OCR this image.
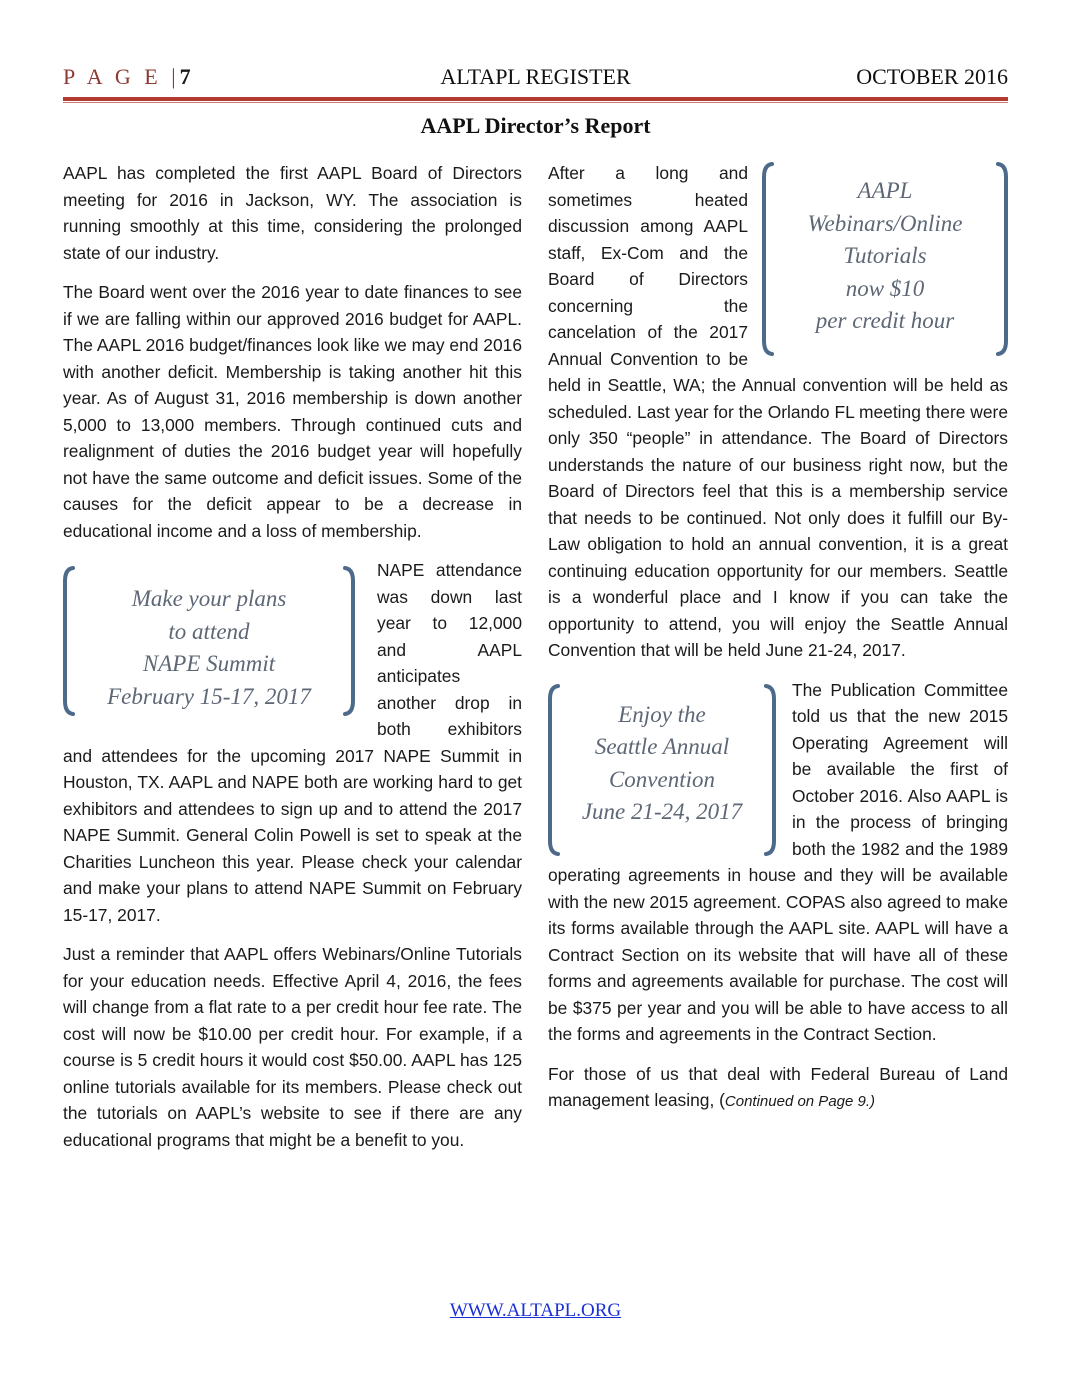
P A G E |7	ALTAPL REGISTER	OCTOBER 2016
AAPL Director’s Report

AAPL has completed the first AAPL Board of Directors meeting for 2016 in Jackson, WY. The association is running smoothly at this time, considering the prolonged state of our industry.

The Board went over the 2016 year to date finances to see if we are falling within our approved 2016 budget for AAPL. The AAPL 2016 budget/finances look like we may end 2016 with another deficit. Membership is taking another hit this year. As of August 31, 2016 membership is down another 5,000 to 13,000 members. Through continued cuts and realignment of duties the 2016 budget year will hopefully not have the same outcome and deficit issues. Some of the causes for the deficit appear to be a decrease in educational income and a loss of membership.

Make your plans
to attend
NAPE Summit
February 15-17, 2017

NAPE attendance was down last year to 12,000 and AAPL anticipates another drop in both exhibitors and attendees for the upcoming 2017 NAPE Summit in Houston, TX. AAPL and NAPE both are working hard to get exhibitors and attendees to sign up and to attend the 2017 NAPE Summit. General Colin Powell is set to speak at the Charities Luncheon this year. Please check your calendar and make your plans to attend NAPE Summit on February 15-17, 2017.

Just a reminder that AAPL offers Webinars/Online Tutorials for your education needs. Effective April 4, 2016, the fees will change from a flat rate to a per credit hour fee rate. The cost will now be $10.00 per credit hour. For example, if a course is 5 credit hours it would cost $50.00. AAPL has 125 online tutorials available for its members. Please check out the tutorials on AAPL’s website to see if there are any educational programs that might be a benefit to you.

AAPL
Webinars/Online
Tutorials
now $10
per credit hour

After a long and sometimes heated discussion among AAPL staff, Ex-Com and the Board of Directors concerning the cancelation of the 2017 Annual Convention to be held in Seattle, WA; the Annual convention will be held as scheduled. Last year for the Orlando FL meeting there were only 350 “people” in attendance. The Board of Directors understands the nature of our business right now, but the Board of Directors feel that this is a membership service that needs to be continued. Not only does it fulfill our By-Law obligation to hold an annual convention, it is a great continuing education opportunity for our members. Seattle is a wonderful place and I know if you can take the opportunity to attend, you will enjoy the Seattle Annual Convention that will be held June 21-24, 2017.

Enjoy the
Seattle Annual
Convention
June 21-24, 2017

The Publication Committee told us that the new 2015 Operating Agreement will be available the first of October 2016. Also AAPL is in the process of bringing both the 1982 and the 1989 operating agreements in house and they will be available with the new 2015 agreement. COPAS also agreed to make its forms available through the AAPL site. AAPL will have a Contract Section on its website that will have all of these forms and agreements available for purchase. The cost will be $375 per year and you will be able to have access to all the forms and agreements in the Contract Section.

For those of us that deal with Federal Bureau of Land management leasing, (Continued on Page 9.)

WWW.ALTAPL.ORG
